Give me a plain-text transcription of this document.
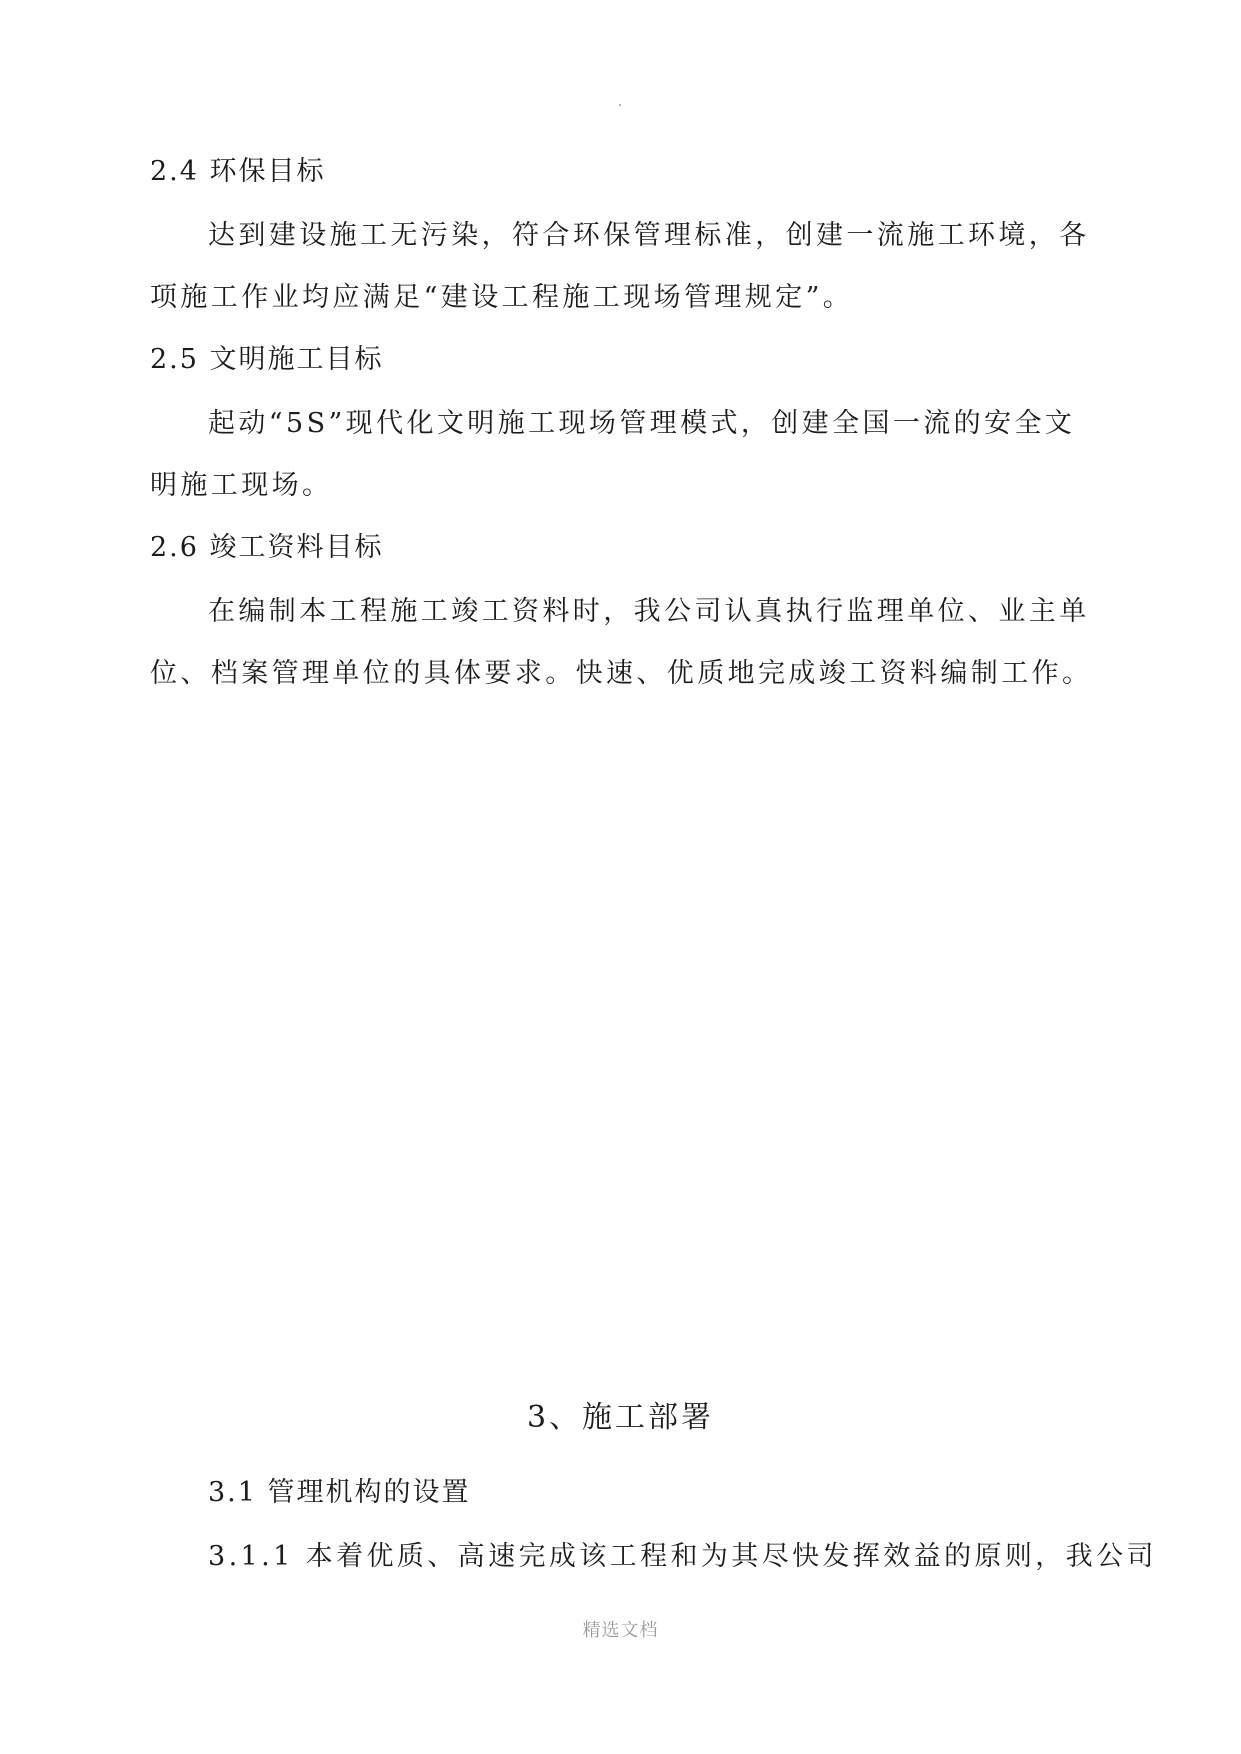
2.4 环保目标
达到建设施工无污染，符合环保管理标准，创建一流施工环境，各
项施工作业均应满足“建设工程施工现场管理规定”。
2.5 文明施工目标
起动“5S”现代化文明施工现场管理模式，创建全国一流的安全文
明施工现场。
2.6 竣工资料目标
在编制本工程施工竣工资料时，我公司认真执行监理单位、业主单
位、档案管理单位的具体要求。快速、优质地完成竣工资料编制工作。
3、施工部署
3.1 管理机构的设置
3.1.1 本着优质、高速完成该工程和为其尽快发挥效益的原则，我公司
精选文档
